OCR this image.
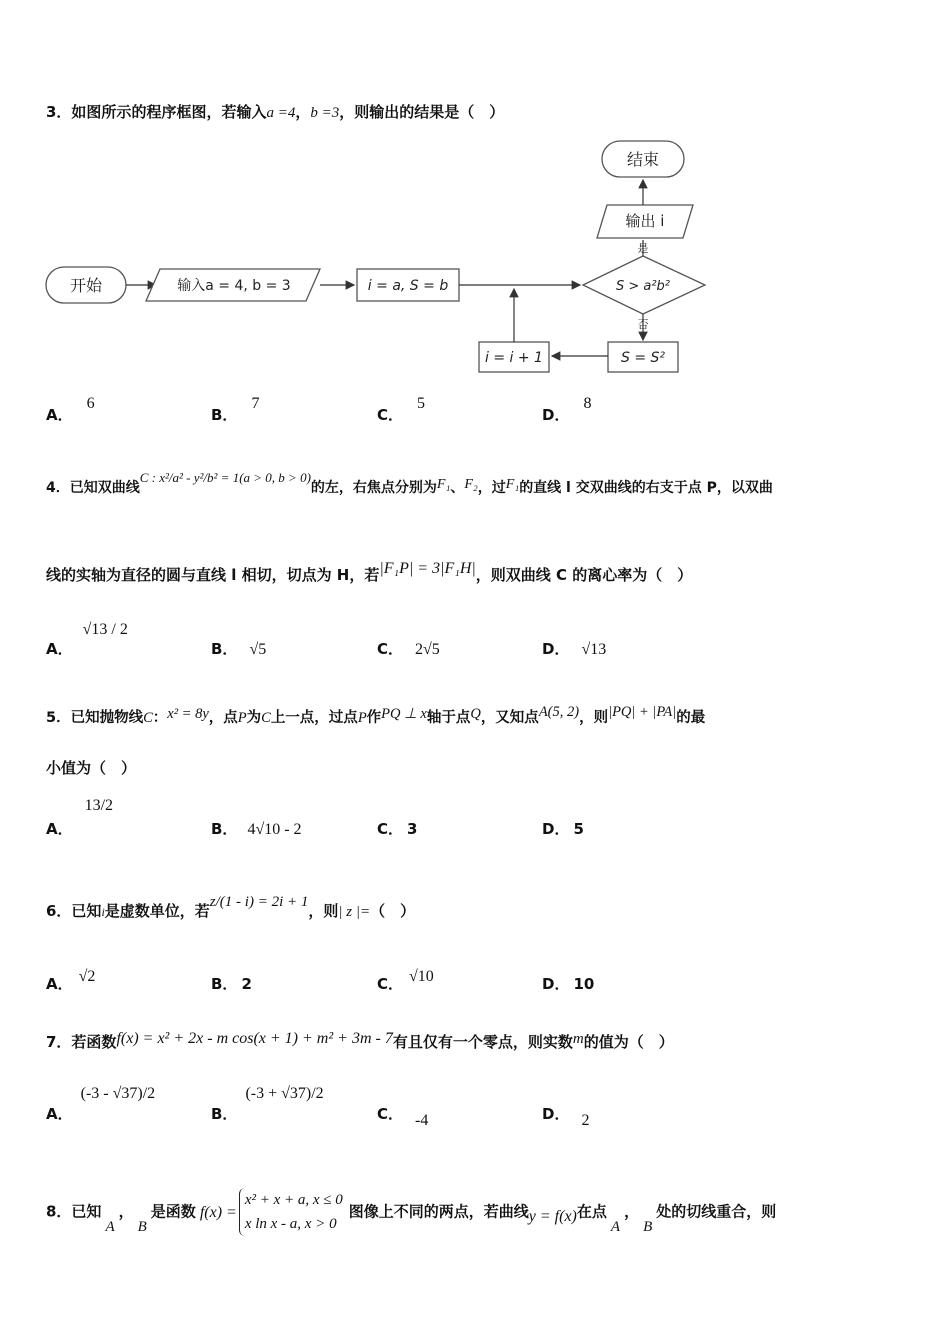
3．如图所示的程序框图，若输入a =4，b =3，则输出的结果是（　）
开始	输入a = 4, b = 3	i = a, S = b	S > a²b²
是
输出 i
结束
否
S = S²
i = i + 1
A．6
B．7
C．5
D．8
4．已知双曲线C : x²/a² - y²/b² = 1(a > 0, b > 0)的左，右焦点分别为F₁、F₂，过F₁的直线 l 交双曲线的右支于点 P，以双曲
线的实轴为直径的圆与直线 l 相切，切点为 H，若|F₁P| = 3|F₁H|，则双曲线 C 的离心率为（　）
A．√13 / 2
B． √5	C． 2√5	D． √13
5．已知抛物线C：x² = 8y，点P为C上一点，过点P作PQ ⊥ x轴于点Q，又知点A(5, 2)，则|PQ| + |PA|的最
小值为（　）
A．13/2
B． 4√10 - 2	C． 3	D． 5
6．已知i是虚数单位，若z/(1 - i) = 2i + 1，则| z |=（　）
A． √2	B． 2	C． √10	D． 10
7．若函数f(x) = x² + 2x - m cos(x + 1) + m² + 3m - 7有且仅有一个零点，则实数m的值为（　）
A．(-3 - √37)/2
B．(-3 + √37)/2
C． -4	D． 2
8．已知A，B是函数 f(x) =
x² + x + a, x ≤ 0
x ln x - a, x > 0
图像上不同的两点，若曲线y = f(x)在点A，B处的切线重合，则
